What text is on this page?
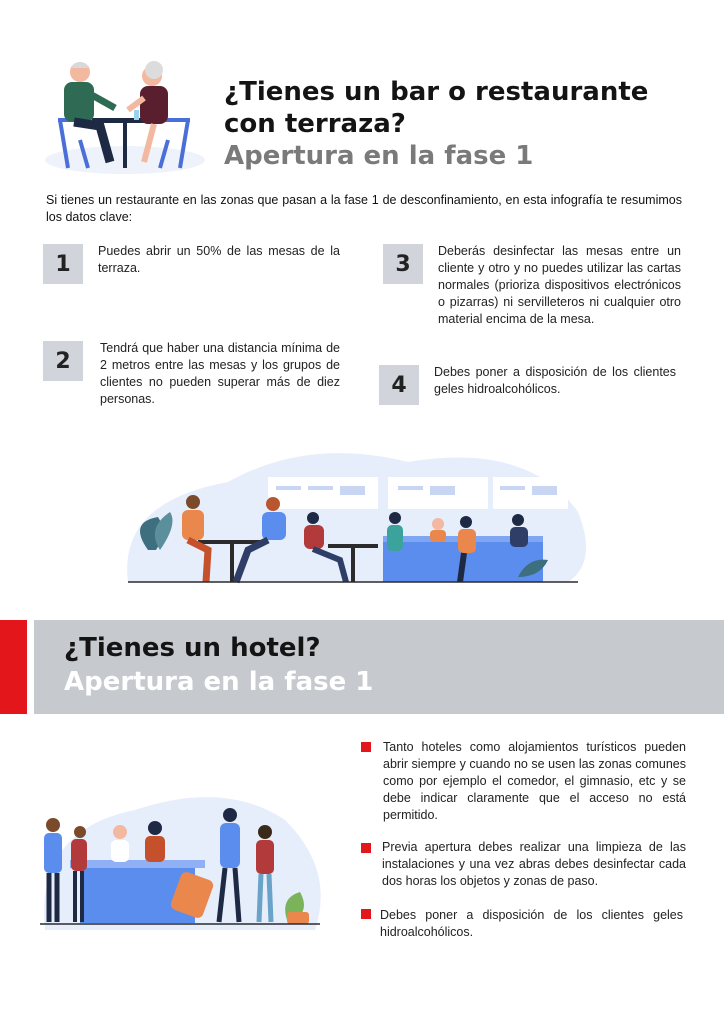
¿Tienes un bar o restaurante con terraza?
Apertura en la fase 1
Si tienes un restaurante en las zonas que pasan a la fase 1 de desconfinamiento, en esta infografía te resumimos los datos clave:
1
Puedes abrir un 50% de las mesas de la terraza.
2
Tendrá que haber una distancia mínima de 2 metros entre las mesas y los grupos de clientes no pueden superar más de diez personas.
3
Deberás desinfectar las mesas entre un cliente y otro y no puedes utilizar las cartas normales (prioriza dispositivos electrónicos o pizarras) ni servilleteros ni cualquier otro material encima de la mesa.
4
Debes poner a disposición de los clientes geles hidroalcohólicos.
¿Tienes un hotel?
Apertura en la fase 1
Tanto hoteles como alojamientos turísticos pueden abrir siempre y cuando no se usen las zonas comunes como por ejemplo el comedor, el gimnasio, etc y se debe indicar claramente que el acceso no está permitido.
Previa apertura debes realizar una limpieza de las instalaciones y una vez abras debes desinfectar cada dos horas los objetos y zonas de paso.
Debes poner a disposición de los clientes geles hidroalcohólicos.
